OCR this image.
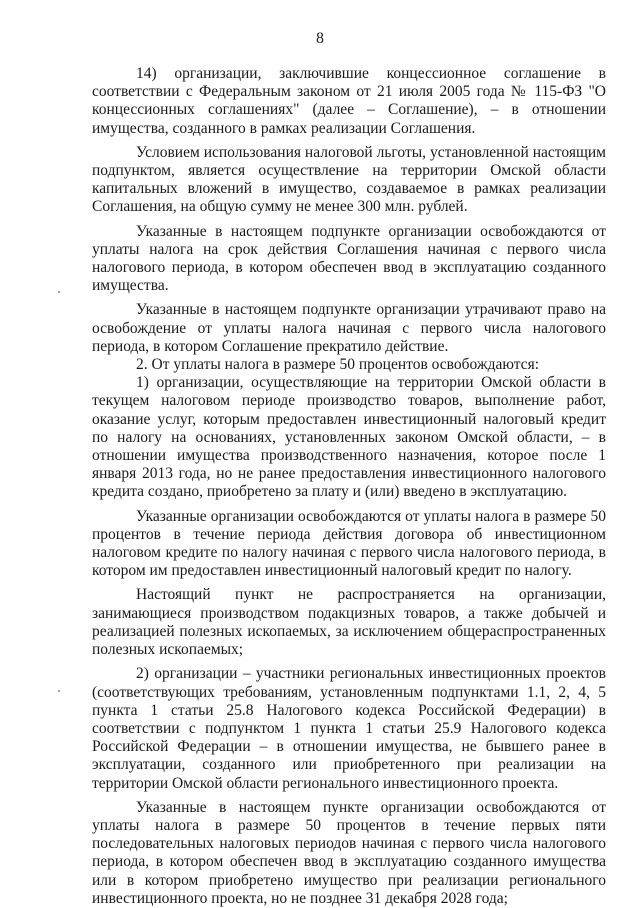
8

14) организации, заключившие концессионное соглашение в соответствии с Федеральным законом от 21 июля 2005 года № 115-ФЗ "О концессионных соглашениях" (далее – Соглашение), – в отношении имущества, созданного в рамках реализации Соглашения.

Условием использования налоговой льготы, установленной настоящим подпунктом, является осуществление на территории Омской области капитальных вложений в имущество, создаваемое в рамках реализации Соглашения, на общую сумму не менее 300 млн. рублей.

Указанные в настоящем подпункте организации освобождаются от уплаты налога на срок действия Соглашения начиная с первого числа налогового периода, в котором обеспечен ввод в эксплуатацию созданного имущества.

Указанные в настоящем подпункте организации утрачивают право на освобождение от уплаты налога начиная с первого числа налогового периода, в котором Соглашение прекратило действие.

2. От уплаты налога в размере 50 процентов освобождаются:

1) организации, осуществляющие на территории Омской области в текущем налоговом периоде производство товаров, выполнение работ, оказание услуг, которым предоставлен инвестиционный налоговый кредит по налогу на основаниях, установленных законом Омской области, – в отношении имущества производственного назначения, которое после 1 января 2013 года, но не ранее предоставления инвестиционного налогового кредита создано, приобретено за плату и (или) введено в эксплуатацию.

Указанные организации освобождаются от уплаты налога в размере 50 процентов в течение периода действия договора об инвестиционном налоговом кредите по налогу начиная с первого числа налогового периода, в котором им предоставлен инвестиционный налоговый кредит по налогу.

Настоящий пункт не распространяется на организации, занимающиеся производством подакцизных товаров, а также добычей и реализацией полезных ископаемых, за исключением общераспространенных полезных ископаемых;

2) организации – участники региональных инвестиционных проектов (соответствующих требованиям, установленным подпунктами 1.1, 2, 4, 5 пункта 1 статьи 25.8 Налогового кодекса Российской Федерации) в соответствии с подпунктом 1 пункта 1 статьи 25.9 Налогового кодекса Российской Федерации – в отношении имущества, не бывшего ранее в эксплуатации, созданного или приобретенного при реализации на территории Омской области регионального инвестиционного проекта.

Указанные в настоящем пункте организации освобождаются от уплаты налога в размере 50 процентов в течение первых пяти последовательных налоговых периодов начиная с первого числа налогового периода, в котором обеспечен ввод в эксплуатацию созданного имущества или в котором приобретено имущество при реализации регионального инвестиционного проекта, но не позднее 31 декабря 2028 года;
